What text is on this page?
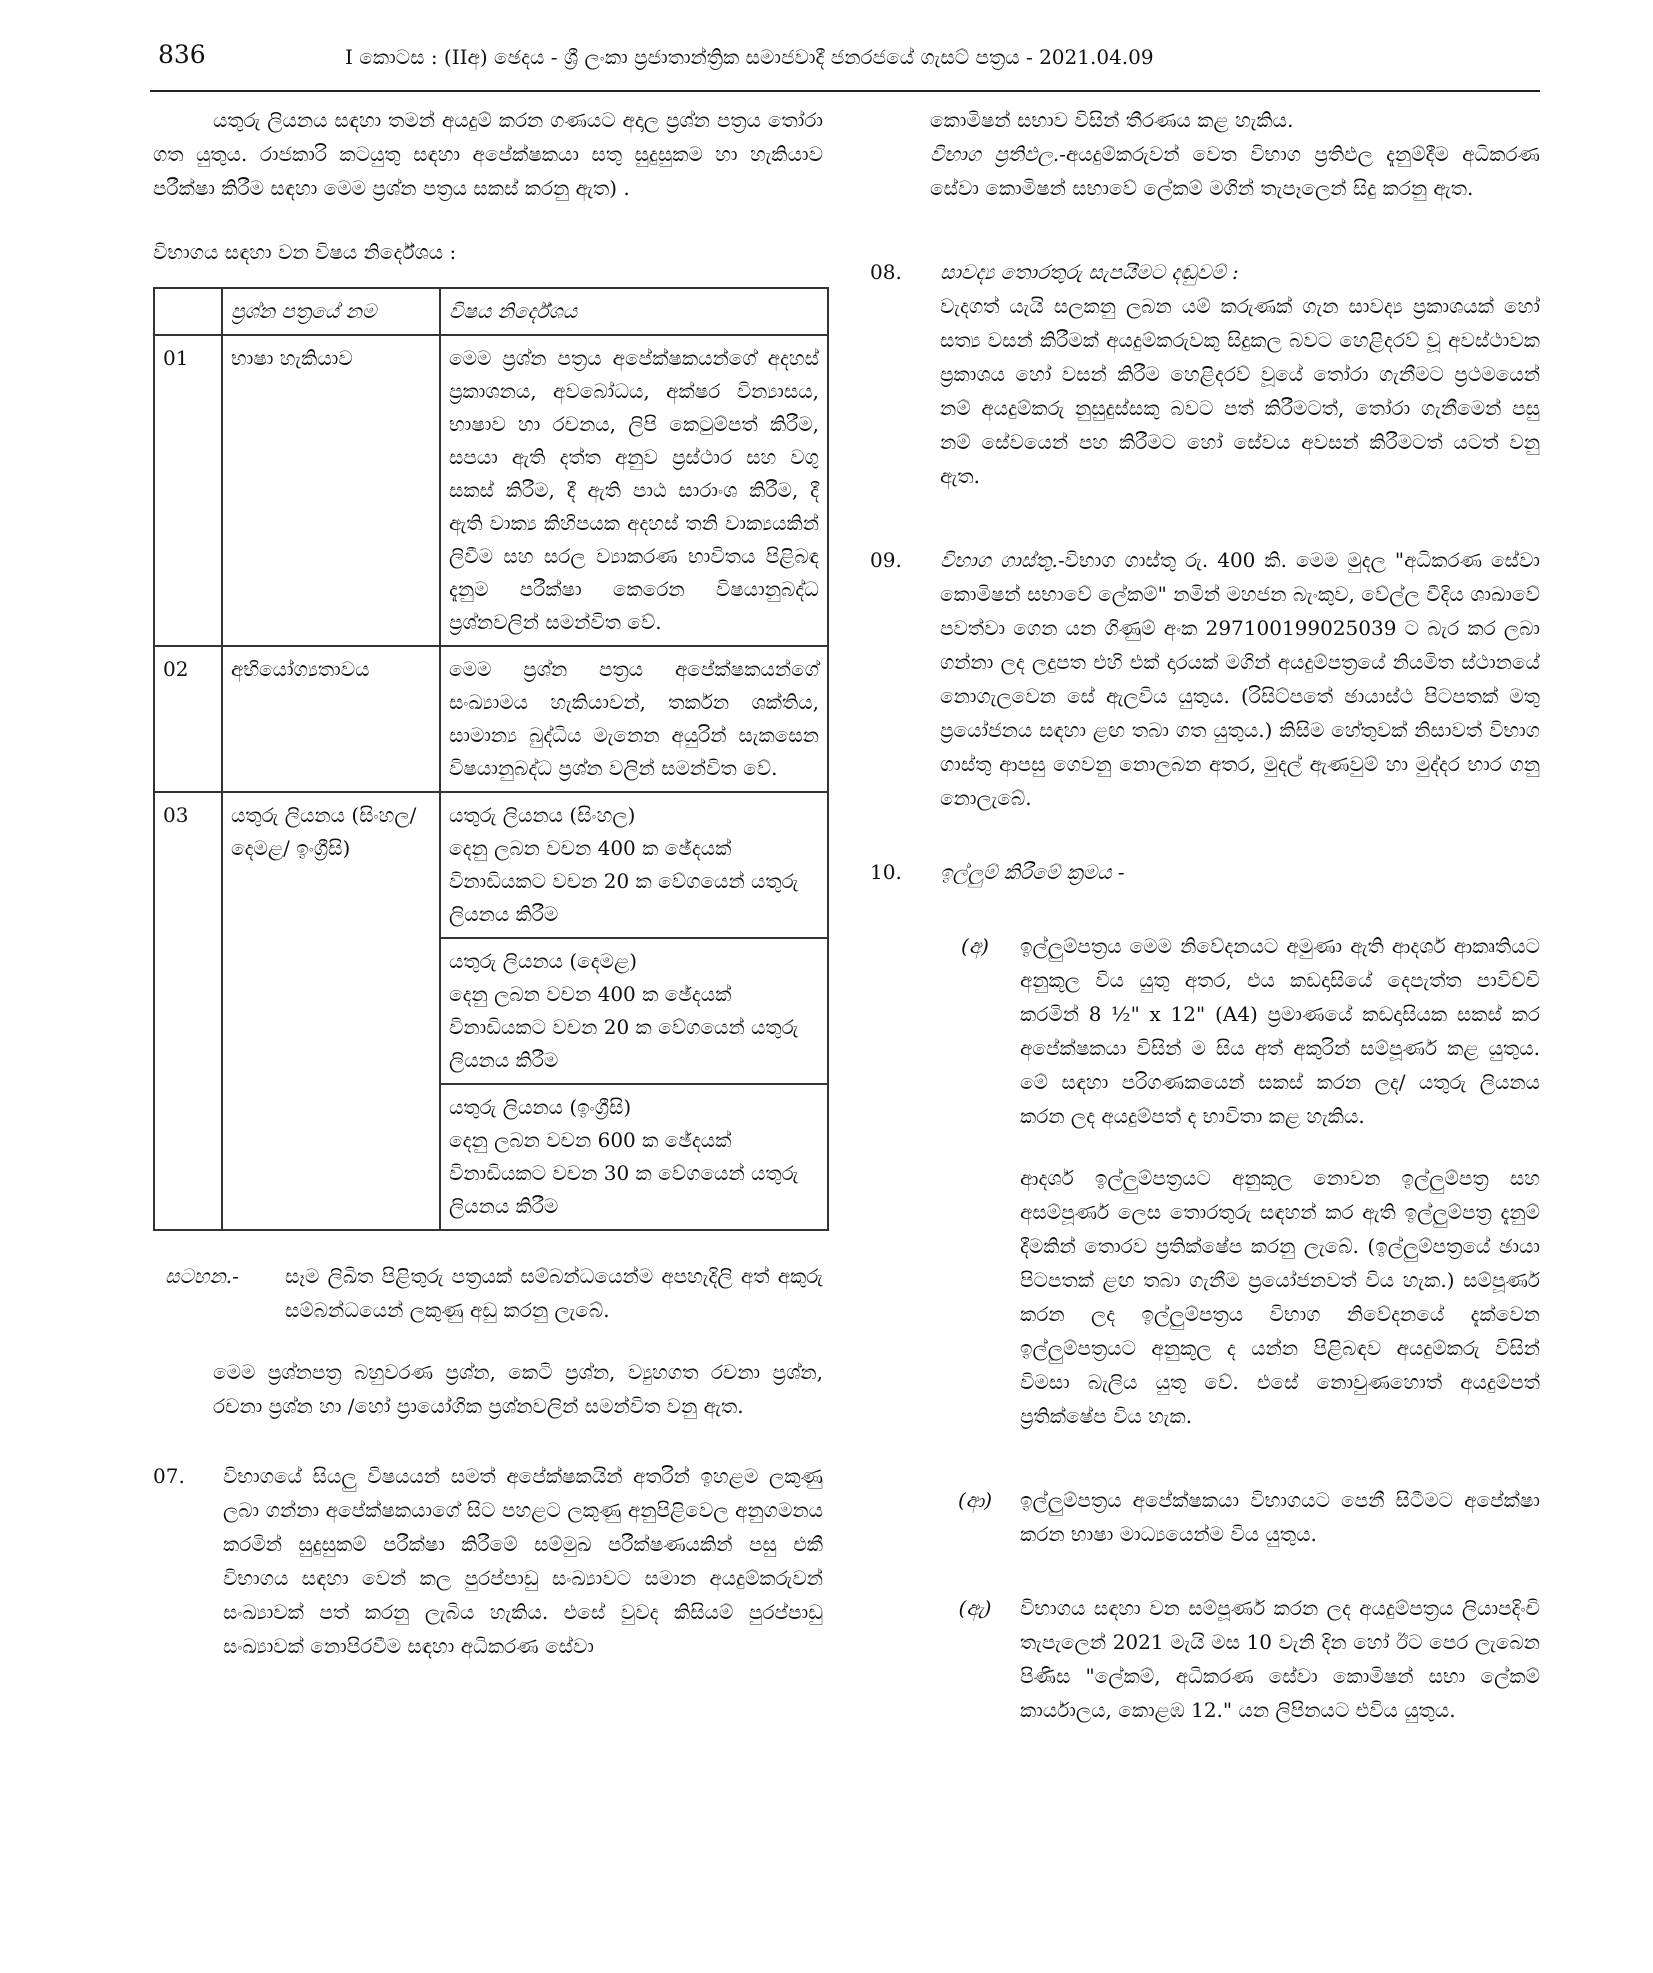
836	I කොටස : (IIඅ) ඡෙදය - ශ්‍රී ලංකා ප්‍රජාතාන්ත්‍රික සමාජවාදී ජනරජයේ ගැසට් පත්‍රය - 2021.04.09

යතුරු ලියනය සඳහා තමන් අයදුම් කරන ගණයට අදාල ප්‍රශ්න පත්‍රය තෝරා ගත යුතුය. රාජකාරි කටයුතු සඳහා අපේක්ෂකයා සතු සුදුසුකම හා හැකියාව පරීක්ෂා කිරීම සඳහා මෙම ප්‍රශ්න පත්‍රය සකස් කරනු ඇත) .

විභාගය සඳහා වන විෂය නිර්දේශය :

	ප්‍රශ්න පත්‍රයේ නම	විෂය නිර්දේශය
01	භාෂා හැකියාව	මෙම ප්‍රශ්න පත්‍රය අපේක්ෂකයන්ගේ අදහස් ප්‍රකාශනය, අවබෝධය, අක්ෂර වින්‍යාසය, භාෂාව හා රචනය, ලිපි කෙටුම්පත් කිරීම, සපයා ඇති දත්ත අනුව ප්‍රස්ථාර සහ වගු සකස් කිරීම, දී ඇති පාඨ සාරාංශ කිරීම, දී ඇති වාක්‍ය කිහිපයක අදහස් තනි වාක්‍යයකින් ලිවීම සහ සරල ව්‍යාකරණ භාවිතය පිළිබඳ දැනුම පරීක්ෂා කෙරෙන විෂයානුබද්ධ ප්‍රශ්නවලින් සමන්විත වේ.
02	අභියෝග්‍යතාවය	මෙම ප්‍රශ්න පත්‍රය අපේක්ෂකයන්ගේ සංඛ්‍යාමය හැකියාවන්, තර්කන ශක්තිය, සාමාන්‍ය බුද්ධිය මැනෙන අයුරින් සැකසෙන විෂයානුබද්ධ ප්‍රශ්න වලින් සමන්විත වේ.
03	යතුරු ලියනය (සිංහල/දෙමළ/ ඉංග්‍රීසි)	යතුරු ලියනය (සිංහල)
දෙනු ලබන වචන 400 ක ඡේදයක් විනාඩියකට වචන 20 ක වේගයෙන් යතුරු ලියනය කිරීම

		යතුරු ලියනය (දෙමළ)
දෙනු ලබන වචන 400 ක ඡේදයක් විනාඩියකට වචන 20 ක වේගයෙන් යතුරු ලියනය කිරීම

		යතුරු ලියනය (ඉංග්‍රීසි)
දෙනු ලබන වචන 600 ක ඡේදයක් විනාඩියකට වචන 30 ක වේගයෙන් යතුරු ලියනය කිරීම
සටහන.-	සෑම ලිඛිත පිළිතුරු පත්‍රයක් සම්බන්ධයෙන්ම අපහැදිලි අත් අකුරු සම්බන්ධයෙන් ලකුණු අඩු කරනු ලැබේ.

මෙම ප්‍රශ්නපත්‍ර බහුවරණ ප්‍රශ්න, කෙටි ප්‍රශ්න, ව්‍යුහගත රචනා ප්‍රශ්න, රචනා ප්‍රශ්න හා /හෝ ප්‍රායෝගික ප්‍රශ්නවලින් සමන්විත වනු ඇත.

07.	විභාගයේ සියලු විෂයයන් සමත් අපේක්ෂකයින් අතරින් ඉහළම ලකුණු ලබා ගන්නා අපේක්ෂකයාගේ සිට පහළට ලකුණු අනුපිළිවෙල අනුගමනය කරමින් සුදුසුකම් පරීක්ෂා කිරීමේ සම්මුඛ පරීක්ෂණයකින් පසු එකී විභාගය සඳහා වෙන් කල පුරප්පාඩු සංඛ්‍යාවට සමාන අයදුම්කරුවන් සංඛ්‍යාවක් පත් කරනු ලැබිය හැකිය. එසේ වුවද කිසියම් පුරප්පාඩු සංඛ්‍යාවක් නොපිරවීම සඳහා අධිකරණ සේවා

කොමිෂන් සභාව විසින් තීරණය කළ හැකිය.

විභාග ප්‍රතිඵල.-අයදුම්කරුවන් වෙත විභාග ප්‍රතිඵල දැනුම්දීම අධිකරණ සේවා කොමිෂන් සභාවේ ලේකම් මගින් තැපෑලෙන් සිදු කරනු ඇත.

08.	සාවද්‍ය තොරතුරු සැපයීමට දඬුවම් :

වැදගත් යැයි සලකනු ලබන යම් කරුණක් ගැන සාවද්‍ය ප්‍රකාශයක් හෝ සත්‍ය වසන් කිරීමක් අයදුම්කරුවකු සිදුකල බවට හෙළිදරව් වූ අවස්ථාවක ප්‍රකාශය හෝ වසන් කිරීම හෙළිදරව් වූයේ තෝරා ගැනීමට ප්‍රථමයෙන් නම් අයදුම්කරු නුසුදුස්සකු බවට පත් කිරීමටත්, තෝරා ගැනීමෙන් පසු නම් සේවයෙන් පහ කිරීමට හෝ සේවය අවසන් කිරීමටත් යටත් වනු ඇත.

09.	විභාග ගාස්තු.-විභාග ගාස්තු රු. 400 කි. මෙම මුදල "අධිකරණ සේවා කොමිෂන් සභාවේ ලේකම්" නමින් මහජන බැංකුව, වේල්ල වීදිය ශාඛාවේ පවත්වා ගෙන යන ගිණුම් අංක 297100199025039 ට බැර කර ලබා ගන්නා ලද ලදුපත එහි එක් දාරයක් මගින් අයදුම්පත්‍රයේ නියමිත ස්ථානයේ නොගැලවෙන සේ ඇලවිය යුතුය. (රිසිට්පතේ ඡායාස්ථ පිටපතක් මතු ප්‍රයෝජනය සඳහා ළඟ තබා ගත යුතුය.) කිසිම හේතුවක් නිසාවත් විභාග ගාස්තු ආපසු ගෙවනු නොලබන අතර, මුදල් ඇණවුම් හා මුද්දර භාර ගනු නොලැබේ.

10.	ඉල්ලුම් කිරීමේ ක්‍රමය -

(අ)	ඉල්ලුම්පත්‍රය මෙම නිවේදනයට අමුණා ඇති ආදර්ශ ආකෘතියට අනුකූල විය යුතු අතර, එය කඩදාසියේ දෙපැත්ත පාවිච්චි කරමින් 8 ½" x 12" (A4) ප්‍රමාණයේ කඩදාසියක සකස් කර අපේක්ෂකයා විසින් ම සිය අත් අකුරින් සම්පූර්ණ කළ යුතුය. මේ සඳහා පරිගණකයෙන් සකස් කරන ලද/ යතුරු ලියනය කරන ලද අයදුම්පත් ද භාවිතා කළ හැකිය.

ආදර්ශ ඉල්ලුම්පත්‍රයට අනුකූල නොවන ඉල්ලුම්පත්‍ර සහ අසම්පූර්ණ ලෙස තොරතුරු සඳහන් කර ඇති ඉල්ලුම්පත්‍ර දැනුම් දීමකින් තොරව ප්‍රතික්ෂේප කරනු ලැබේ. (ඉල්ලුම්පත්‍රයේ ඡායා පිටපතක් ළඟ තබා ගැනීම ප්‍රයෝජනවත් විය හැක.) සම්පූර්ණ කරන ලද ඉල්ලුම්පත්‍රය විභාග නිවේදනයේ දැක්වෙන ඉල්ලුම්පත්‍රයට අනුකූල ද යන්න පිළිබඳව අයදුම්කරු විසින් විමසා බැලිය යුතු වේ. එසේ නොවුණහොත් අයදුම්පත් ප්‍රතික්ෂේප විය හැක.

(ආ)	ඉල්ලුම්පත්‍රය අපේක්ෂකයා විභාගයට පෙනී සිටීමට අපේක්ෂා කරන භාෂා මාධ්‍යයෙන්ම විය යුතුය.

(ඇ)	විභාගය සඳහා වන සම්පූර්ණ කරන ලද අයදුම්පත්‍රය ලියාපදිංචි තැපැලෙන් 2021 මැයි මස 10 වැනි දින හෝ ඊට පෙර ලැබෙන පිණිස "ලේකම්, අධිකරණ සේවා කොමිෂන් සභා ලේකම් කාර්යාලය, කොළඹ 12." යන ලිපිනයට එවිය යුතුය.
